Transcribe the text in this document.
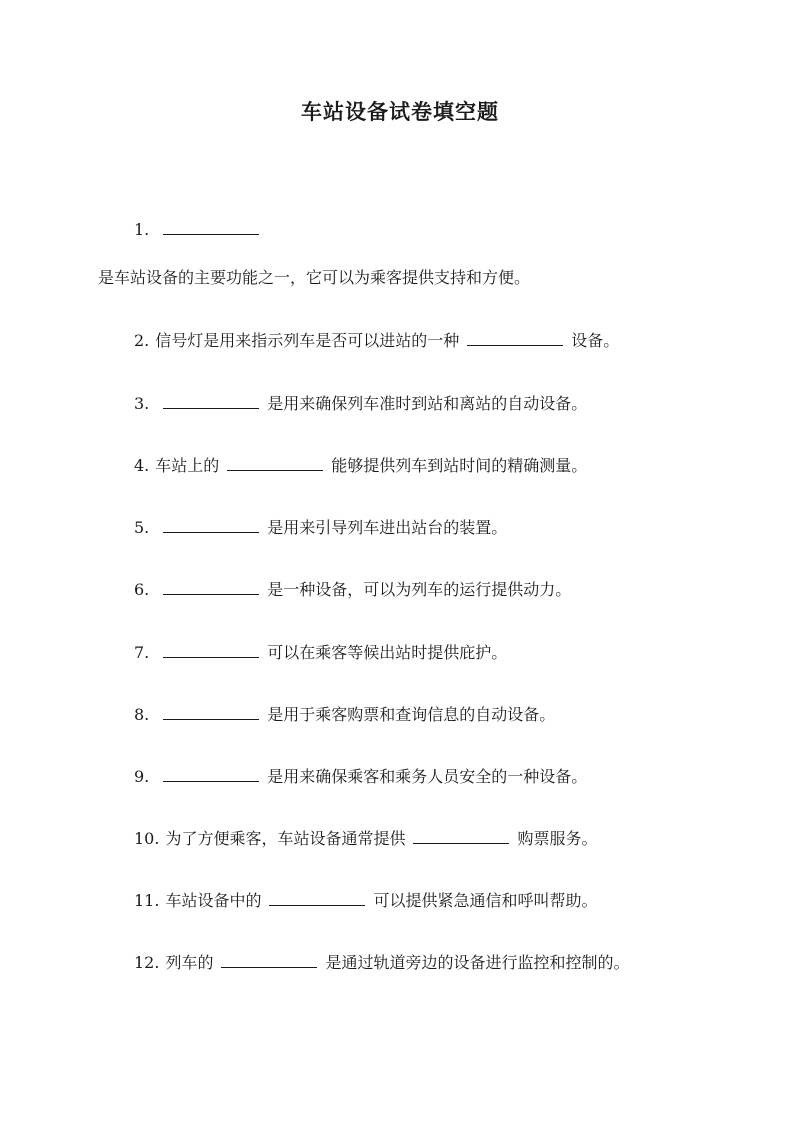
车站设备试卷填空题
1.
是车站设备的主要功能之一，它可以为乘客提供支持和方便。
2. 信号灯是用来指示列车是否可以进站的一种	设备。
3.	是用来确保列车准时到站和离站的自动设备。
4. 车站上的	能够提供列车到站时间的精确测量。
5.	是用来引导列车进出站台的装置。
6.	是一种设备，可以为列车的运行提供动力。
7.	可以在乘客等候出站时提供庇护。
8.	是用于乘客购票和查询信息的自动设备。
9.	是用来确保乘客和乘务人员安全的一种设备。
10. 为了方便乘客，车站设备通常提供	购票服务。
11. 车站设备中的	可以提供紧急通信和呼叫帮助。
12. 列车的	是通过轨道旁边的设备进行监控和控制的。
